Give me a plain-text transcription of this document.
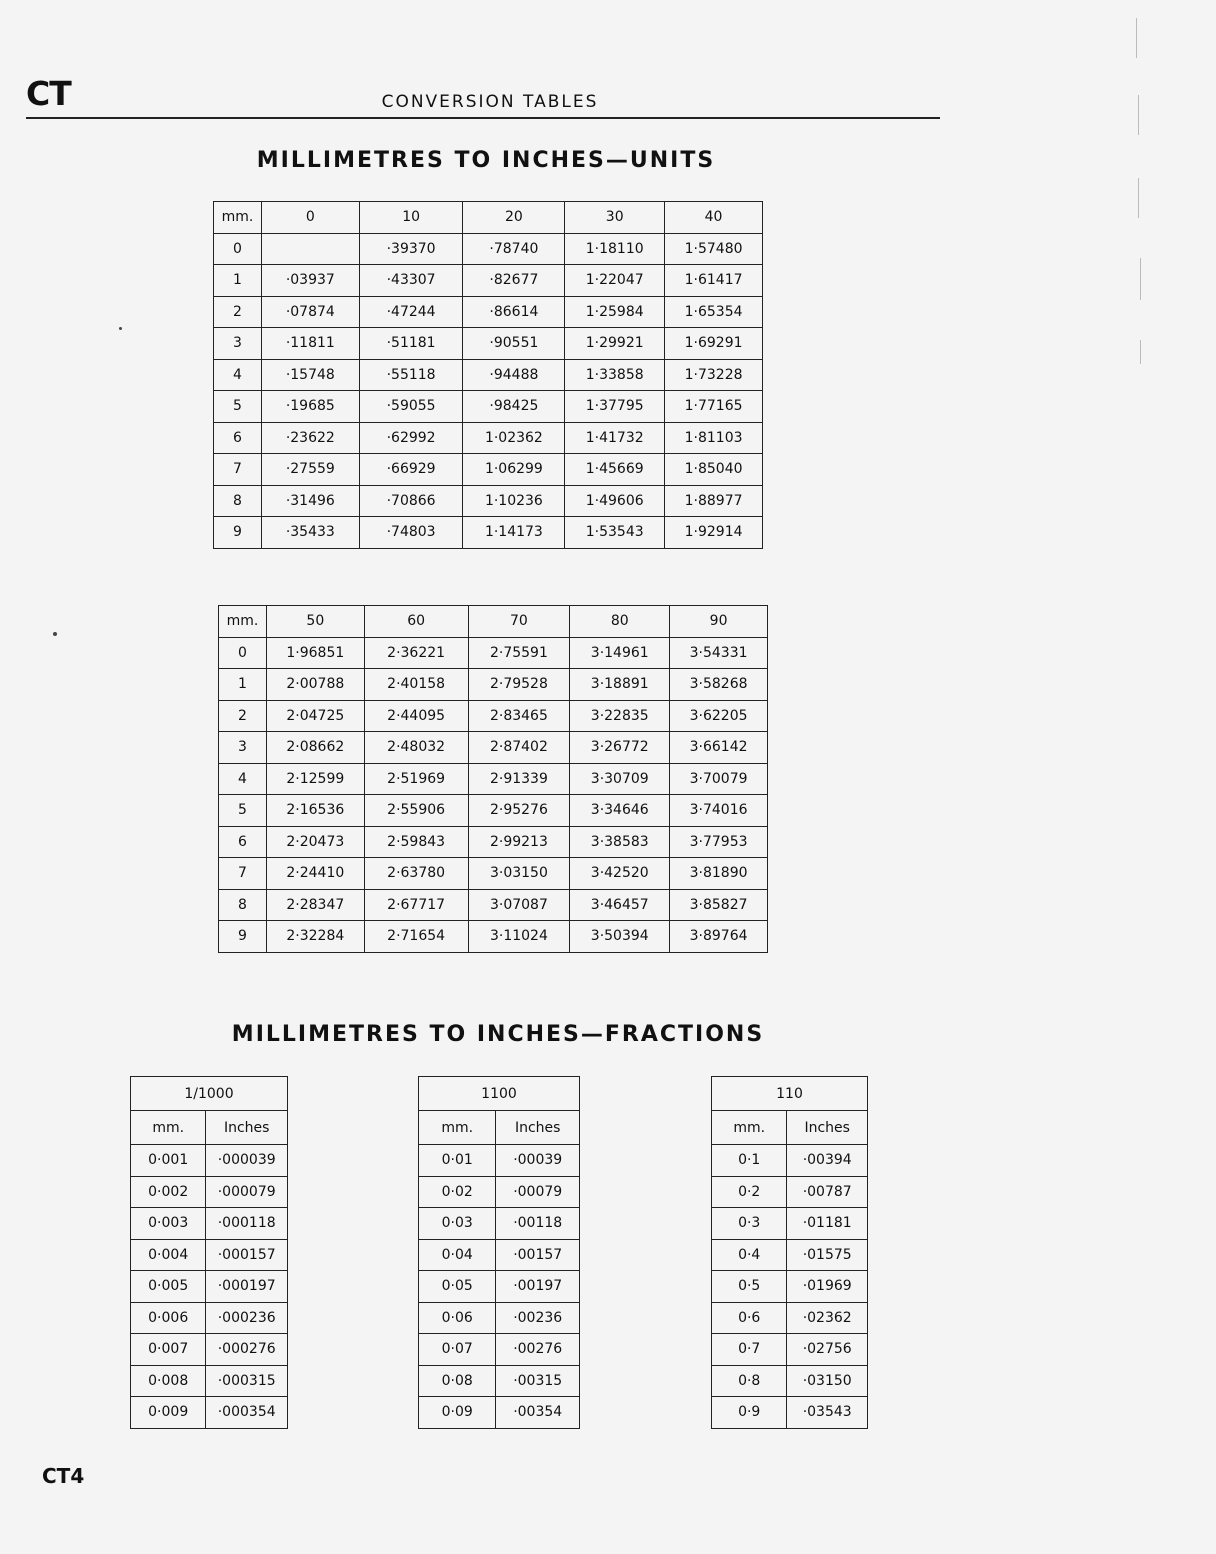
CT	CONVERSION TABLES
MILLIMETRES TO INCHES—UNITS
mm.	0	10	20	30	40
0		·39370	·78740	1·18110	1·57480
1	·03937	·43307	·82677	1·22047	1·61417
2	·07874	·47244	·86614	1·25984	1·65354
3	·11811	·51181	·90551	1·29921	1·69291
4	·15748	·55118	·94488	1·33858	1·73228
5	·19685	·59055	·98425	1·37795	1·77165
6	·23622	·62992	1·02362	1·41732	1·81103
7	·27559	·66929	1·06299	1·45669	1·85040
8	·31496	·70866	1·10236	1·49606	1·88977
9	·35433	·74803	1·14173	1·53543	1·92914
mm.	50	60	70	80	90
0	1·96851	2·36221	2·75591	3·14961	3·54331
1	2·00788	2·40158	2·79528	3·18891	3·58268
2	2·04725	2·44095	2·83465	3·22835	3·62205
3	2·08662	2·48032	2·87402	3·26772	3·66142
4	2·12599	2·51969	2·91339	3·30709	3·70079
5	2·16536	2·55906	2·95276	3·34646	3·74016
6	2·20473	2·59843	2·99213	3·38583	3·77953
7	2·24410	2·63780	3·03150	3·42520	3·81890
8	2·28347	2·67717	3·07087	3·46457	3·85827
9	2·32284	2·71654	3·11024	3·50394	3·89764
MILLIMETRES TO INCHES—FRACTIONS
1/1000	
mm.	Inches
0·001	·000039
0·002	·000079
0·003	·000118
0·004	·000157
0·005	·000197
0·006	·000236
0·007	·000276
0·008	·000315
0·009	·000354
1100	
mm.	Inches
0·01	·00039
0·02	·00079
0·03	·00118
0·04	·00157
0·05	·00197
0·06	·00236
0·07	·00276
0·08	·00315
0·09	·00354
110	
mm.	Inches
0·1	·00394
0·2	·00787
0·3	·01181
0·4	·01575
0·5	·01969
0·6	·02362
0·7	·02756
0·8	·03150
0·9	·03543
CT4
